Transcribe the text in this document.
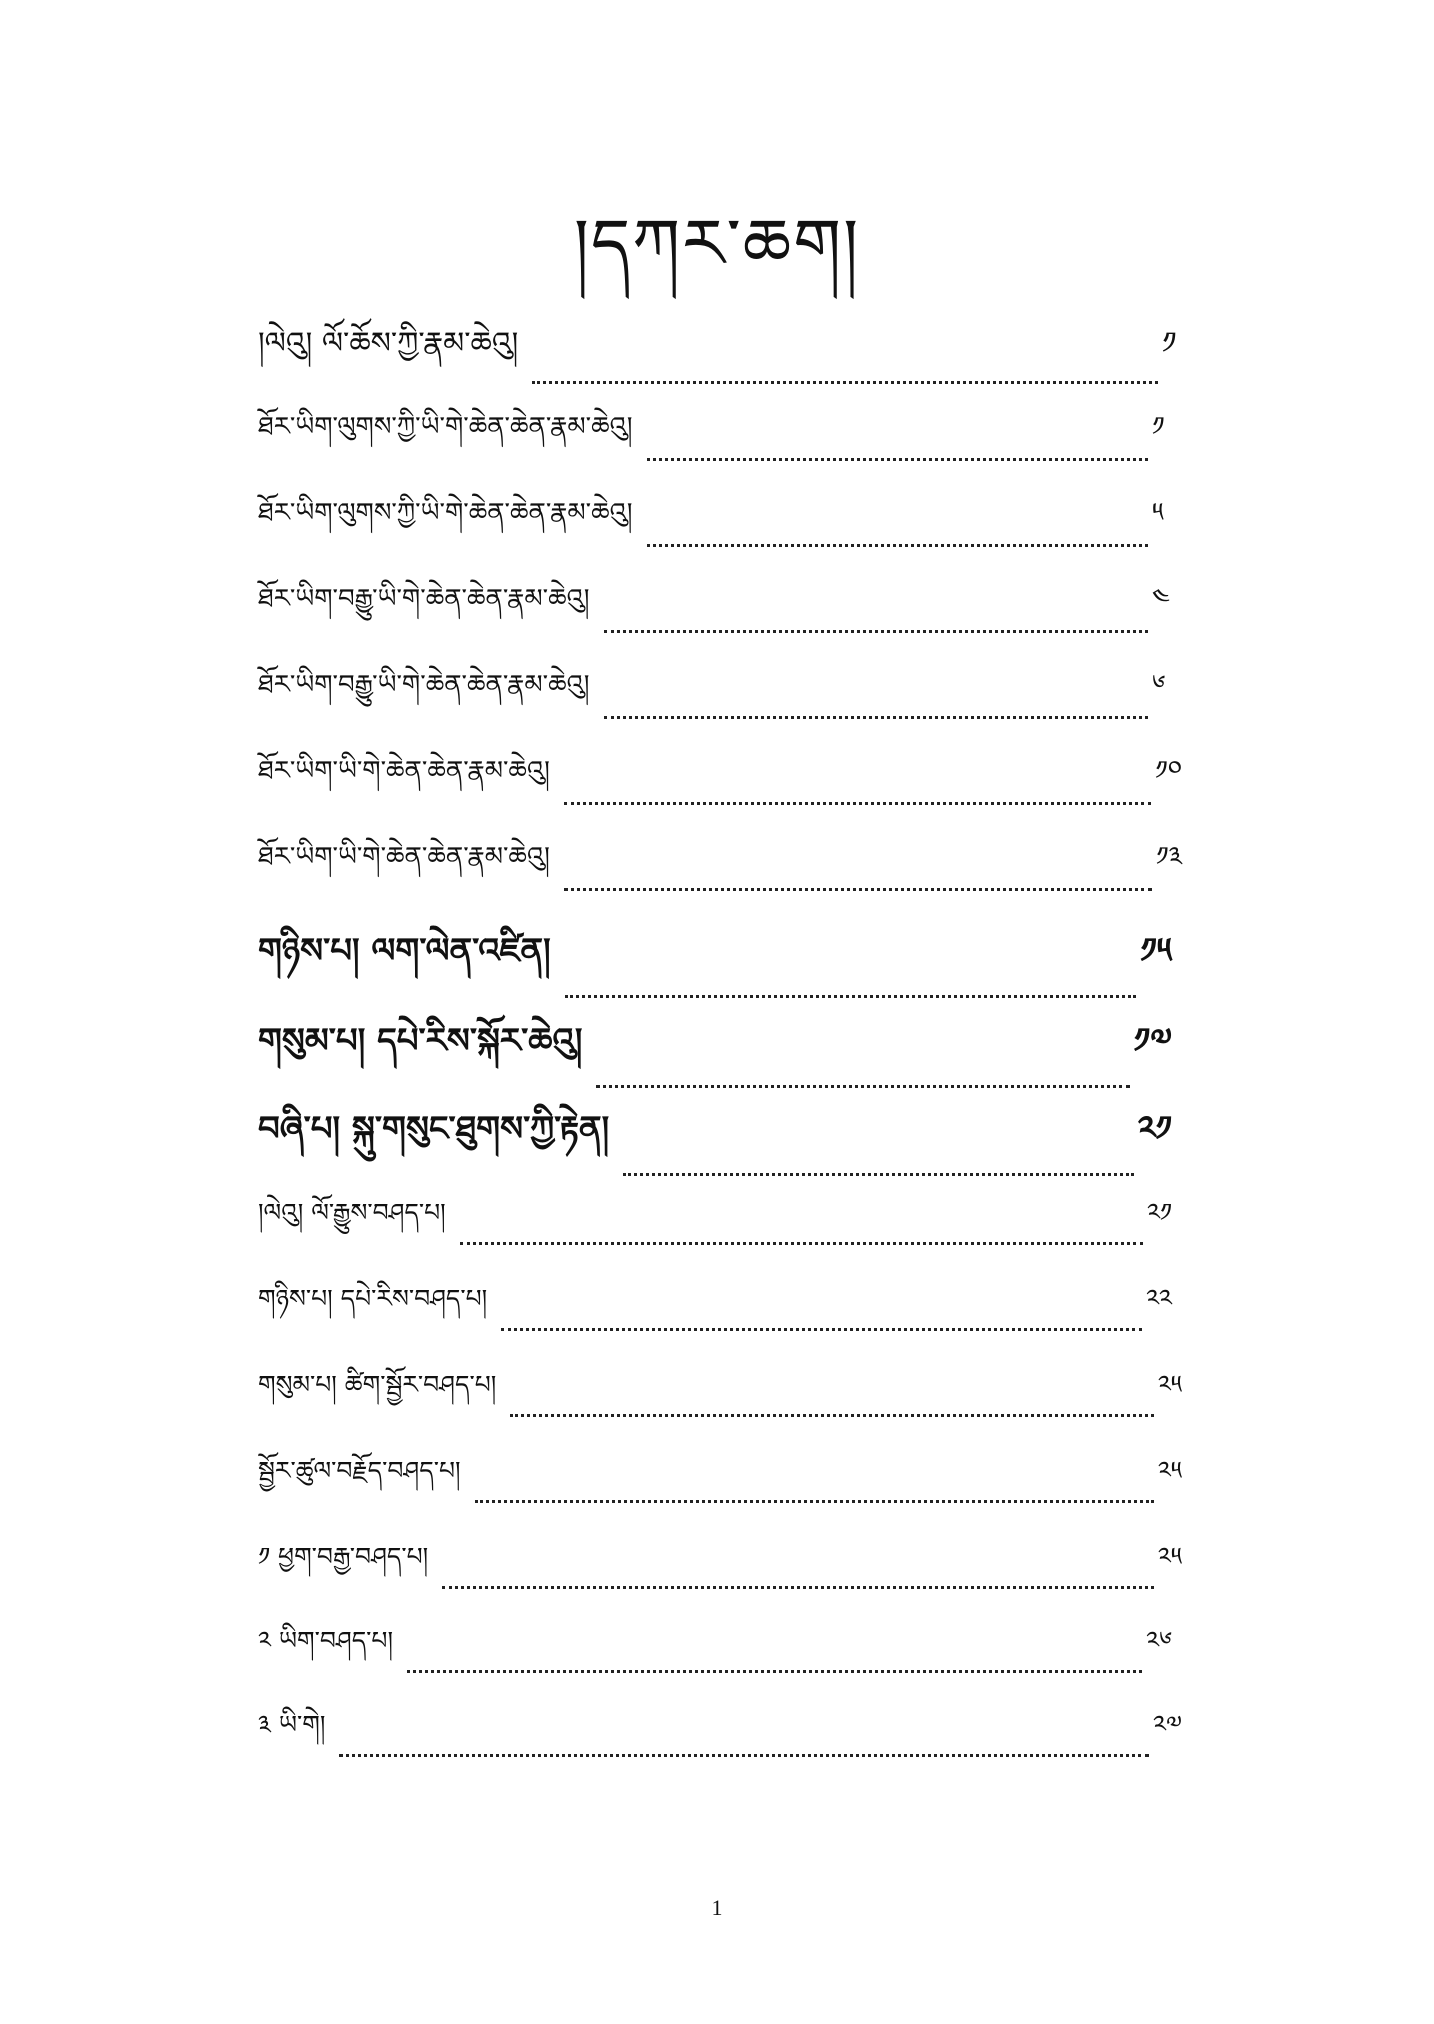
།དཀར་ཆག།
།ལེའུ། ལོ་ཆོས་ཀྱི་རྣམ་ཆེའུ།	༡
ཐོར་ཡིག་ལུགས་ཀྱི་ཡི་གེ་ཆེན་ཆེན་རྣམ་ཆེའུ།	༡
ཐོར་ཡིག་ལུགས་ཀྱི་ཡི་གེ་ཆེན་ཆེན་རྣམ་ཆེའུ།	༥
ཐོར་ཡིག་བརྒྱུ་ཡི་གེ་ཆེན་ཆེན་རྣམ་ཆེའུ།	༤
ཐོར་ཡིག་བརྒྱུ་ཡི་གེ་ཆེན་ཆེན་རྣམ་ཆེའུ།	༦
ཐོར་ཡིག་ཡི་གེ་ཆེན་ཆེན་རྣམ་ཆེའུ།	༡༠
ཐོར་ཡིག་ཡི་གེ་ཆེན་ཆེན་རྣམ་ཆེའུ།	༡༣
གཉིས་པ། ལག་ལེན་འཛིན།	༡༥
གསུམ་པ། དཔེ་རིས་སྐོར་ཆེའུ།	༡༧
བཞི་པ། སྐུ་གསུང་ཐུགས་ཀྱི་རྟེན།	༢༡
།ལེའུ། ལོ་རྒྱུས་བཤད་པ།	༢༡
གཉིས་པ། དཔེ་རིས་བཤད་པ།	༢༢
གསུམ་པ། ཚིག་སྦྱོར་བཤད་པ།	༢༥
སྦྱོར་ཚུལ་བརྗོད་བཤད་པ།	༢༥
༡ ཕྱག་བརྒྱ་བཤད་པ།	༢༥
༢ ཡིག་བཤད་པ།	༢༦
༣ ཡི་གེ།	༢༧
1
